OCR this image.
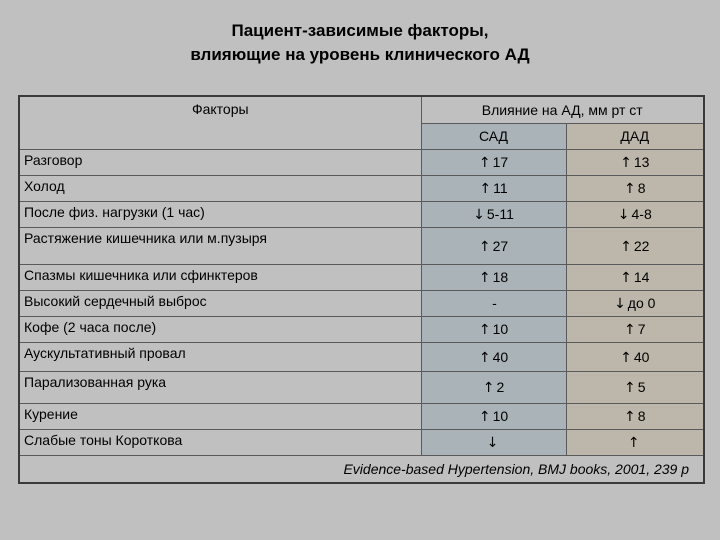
Пациент-зависимые факторы,
влияющие на уровень клинического АД
Факторы	Влияние на АД, мм рт ст	
	САД	ДАД
Разговор	↑ 17	↑ 13
Холод	↑ 11	↑ 8
После физ. нагрузки (1 час)	↓ 5-11	↓ 4-8
Растяжение кишечника или м.пузыря	↑ 27	↑ 22
Спазмы кишечника или сфинктеров	↑ 18	↑ 14
Высокий сердечный выброс	-	↓ до 0
Кофе (2 часа после)	↑ 10	↑ 7
Аускультативный провал	↑ 40	↑ 40
Парализованная рука	↑ 2	↑ 5
Курение	↑ 10	↑ 8
Слабые тоны Короткова	↓	↑
Evidence-based Hypertension, BMJ books, 2001, 239 p		
